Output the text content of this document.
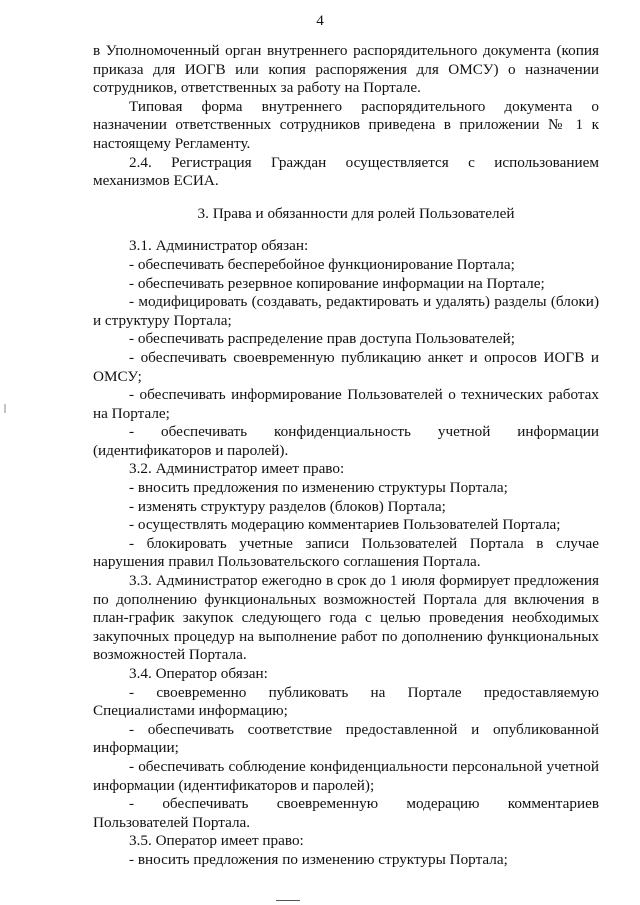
4

в Уполномоченный орган внутреннего распорядительного документа (копия приказа для ИОГВ или копия распоряжения для ОМСУ) о назначении сотрудников, ответственных за работу на Портале.

Типовая форма внутреннего распорядительного документа о назначении ответственных сотрудников приведена в приложении № 1 к настоящему Регламенту.

2.4. Регистрация Граждан осуществляется с использованием механизмов ЕСИА.

3. Права и обязанности для ролей Пользователей

3.1. Администратор обязан:

- обеспечивать бесперебойное функционирование Портала;

- обеспечивать резервное копирование информации на Портале;

- модифицировать (создавать, редактировать и удалять) разделы (блоки) и структуру Портала;

- обеспечивать распределение прав доступа Пользователей;

- обеспечивать своевременную публикацию анкет и опросов ИОГВ и ОМСУ;

- обеспечивать информирование Пользователей о технических работах на Портале;

- обеспечивать конфиденциальность учетной информации (идентификаторов и паролей).

3.2. Администратор имеет право:

- вносить предложения по изменению структуры Портала;

- изменять структуру разделов (блоков) Портала;

- осуществлять модерацию комментариев Пользователей Портала;

- блокировать учетные записи Пользователей Портала в случае нарушения правил Пользовательского соглашения Портала.

3.3. Администратор ежегодно в срок до 1 июля формирует предложения по дополнению функциональных возможностей Портала для включения в план-график закупок следующего года с целью проведения необходимых закупочных процедур на выполнение работ по дополнению функциональных возможностей Портала.

3.4. Оператор обязан:

- своевременно публиковать на Портале предоставляемую Специалистами информацию;

- обеспечивать соответствие предоставленной и опубликованной информации;

- обеспечивать соблюдение конфиденциальности персональной учетной информации (идентификаторов и паролей);

- обеспечивать своевременную модерацию комментариев Пользователей Портала.

3.5. Оператор имеет право:

- вносить предложения по изменению структуры Портала;
